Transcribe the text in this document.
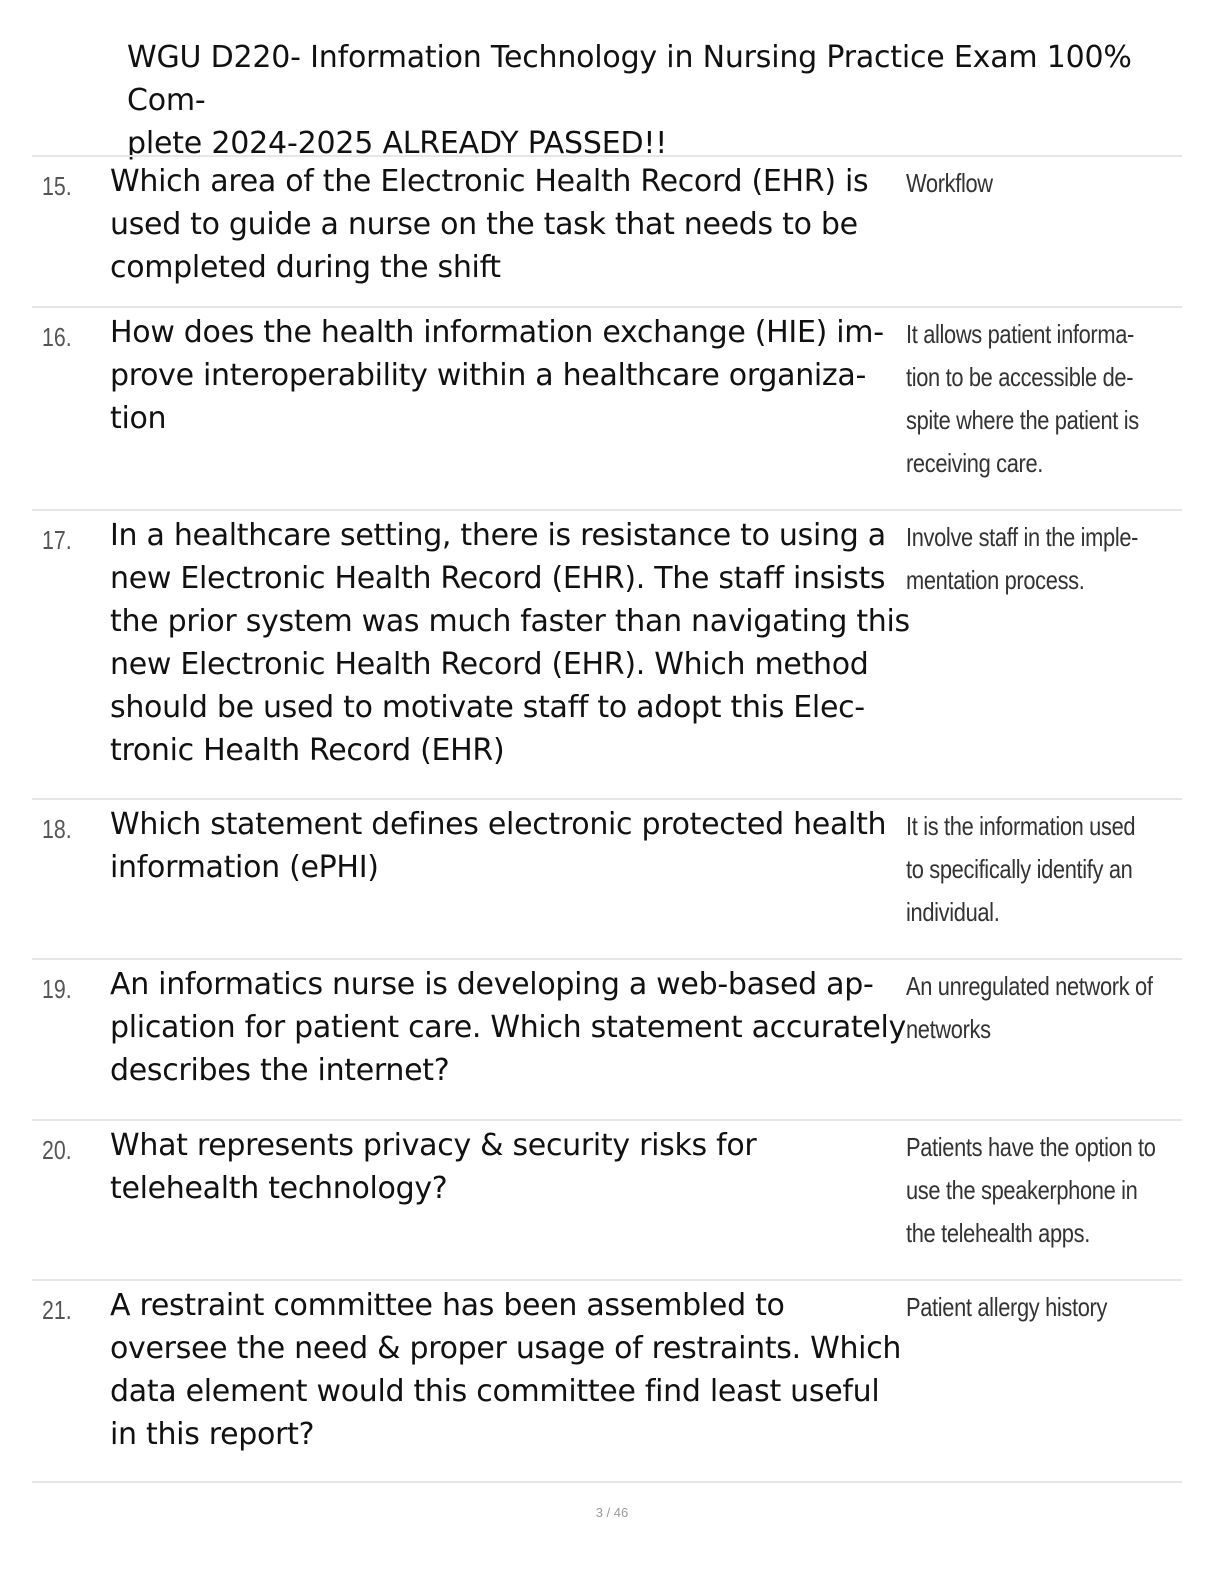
WGU D220- Information Technology in Nursing Practice Exam 100% Com-
plete 2024-2025 ALREADY PASSED!!
15. Which area of the Electronic Health Record (EHR) is used to guide a nurse on the task that needs to be completed during the shift
Workflow
16. How does the health information exchange (HIE) im- prove interoperability within a healthcare organiza- tion
It allows patient informa- tion to be accessible de- spite where the patient is receiving care.
17. In a healthcare setting, there is resistance to using a new Electronic Health Record (EHR). The staff insists the prior system was much faster than navigating this new Electronic Health Record (EHR). Which method should be used to motivate staff to adopt this Elec- tronic Health Record (EHR)
Involve staff in the imple- mentation process.
18. Which statement defines electronic protected health information (ePHI)
It is the information used to specifically identify an individual.
19. An informatics nurse is developing a web-based ap- plication for patient care. Which statement accurately describes the internet?
An unregulated network of networks
20. What represents privacy & security risks for telehealth technology?
Patients have the option to use the speakerphone in the telehealth apps.
21. A restraint committee has been assembled to oversee the need & proper usage of restraints. Which data element would this committee find least useful in this report?
Patient allergy history
3 / 46
